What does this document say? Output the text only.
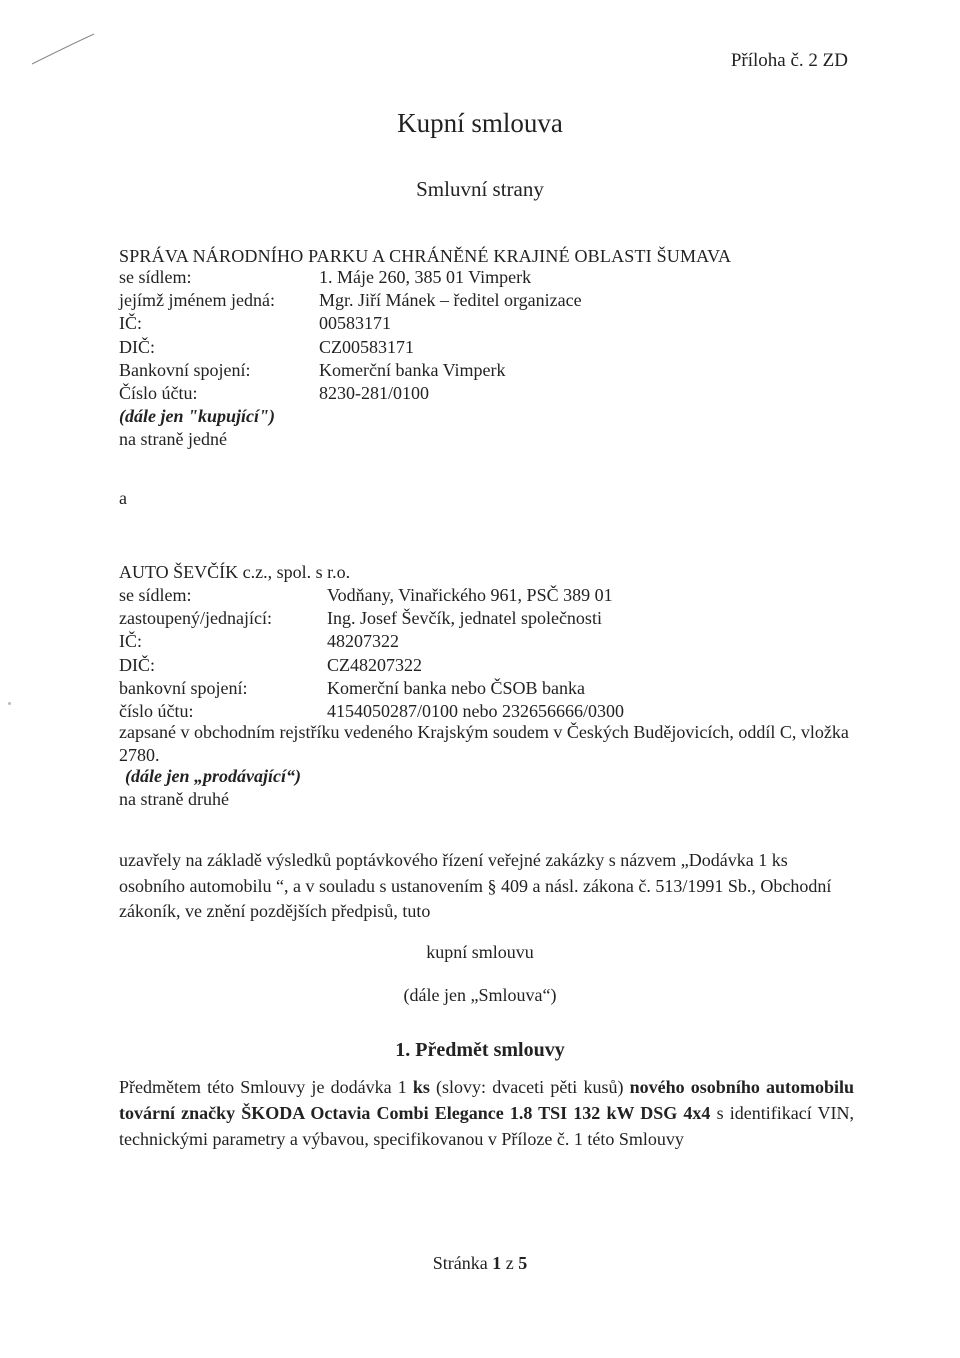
Příloha č. 2 ZD
Kupní smlouva
Smluvní strany
SPRÁVA NÁRODNÍHO PARKU A CHRÁNĚNÉ KRAJINÉ OBLASTI ŠUMAVA
se sídlem:	1. Máje 260, 385 01 Vimperk
jejímž jménem jedná: Mgr. Jiří Mánek – ředitel organizace
IČ:	00583171
DIČ:	CZ00583171
Bankovní spojení:	Komerční banka Vimperk
Číslo účtu:	8230-281/0100
(dále jen "kupující")
na straně jedné
a
AUTO ŠEVČÍK c.z., spol. s r.o.
se sídlem:	Vodňany, Vinařického 961, PSČ 389 01
zastoupený/jednající:	Ing. Josef Ševčík, jednatel společnosti
IČ:	48207322
DIČ:	CZ48207322
bankovní spojení:	Komerční banka nebo ČSOB banka
číslo účtu:	4154050287/0100 nebo 232656666/0300
zapsané v obchodním rejstříku vedeného Krajským soudem v Českých Budějovicích, oddíl C, vložka 2780.
(dále jen „prodávající“)
na straně druhé
uzavřely na základě výsledků poptávkového řízení veřejné zakázky s názvem „Dodávka 1 ks osobního automobilu “, a v souladu s ustanovením § 409 a násl. zákona č. 513/1991 Sb., Obchodní zákoník, ve znění pozdějších předpisů, tuto
kupní smlouvu
(dále jen „Smlouva“)
1. Předmět smlouvy
Předmětem této Smlouvy je dodávka 1 ks (slovy: dvaceti pěti kusů) nového osobního automobilu tovární značky ŠKODA Octavia Combi Elegance 1.8 TSI 132 kW DSG 4x4 s identifikací VIN, technickými parametry a výbavou, specifikovanou v Příloze č. 1 této Smlouvy
Stránka 1 z 5
